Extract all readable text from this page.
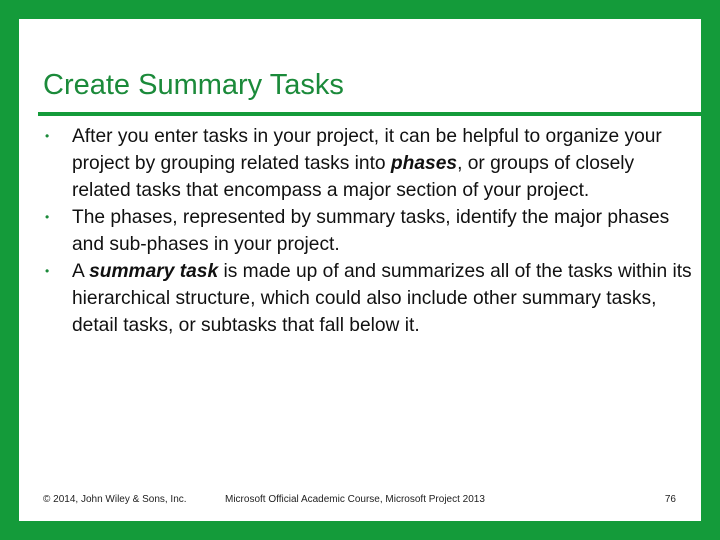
Create Summary Tasks
• After you enter tasks in your project, it can be helpful to organize your project by grouping related tasks into phases, or groups of closely related tasks that encompass a major section of your project.
• The phases, represented by summary tasks, identify the major phases and sub-phases in your project.
• A summary task is made up of and summarizes all of the tasks within its hierarchical structure, which could also include other summary tasks, detail tasks, or subtasks that fall below it.
© 2014, John Wiley & Sons, Inc.	Microsoft Official Academic Course, Microsoft Project 2013	76
